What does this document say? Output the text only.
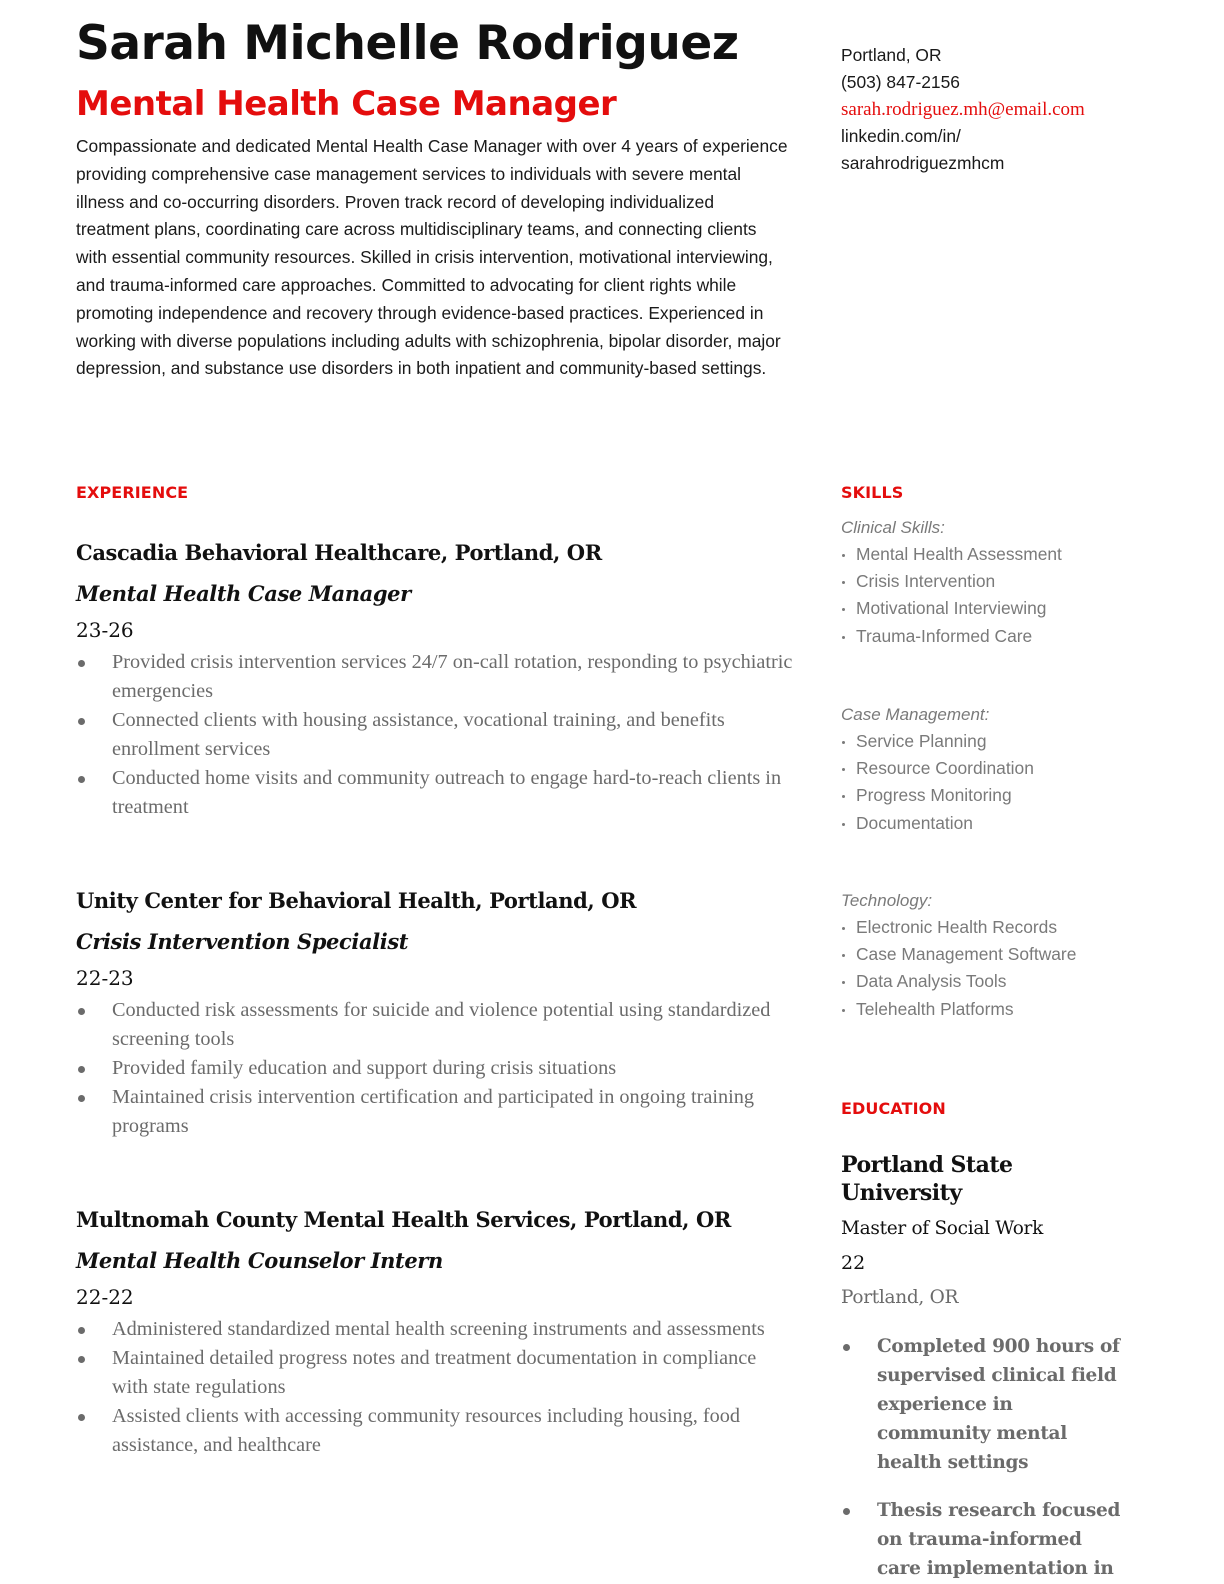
Sarah Michelle Rodriguez
Mental Health Case Manager

Compassionate and dedicated Mental Health Case Manager with over 4 years of experience providing comprehensive case management services to individuals with severe mental illness and co-occurring disorders. Proven track record of developing individualized treatment plans, coordinating care across multidisciplinary teams, and connecting clients with essential community resources. Skilled in crisis intervention, motivational interviewing, and trauma-informed care approaches. Committed to advocating for client rights while promoting independence and recovery through evidence-based practices. Experienced in working with diverse populations including adults with schizophrenia, bipolar disorder, major depression, and substance use disorders in both inpatient and community-based settings.

Portland, OR
(503) 847-2156
sarah.rodriguez.mh@email.com
linkedin.com/in/
sarahrodriguezmhcm
EXPERIENCE
Cascadia Behavioral Healthcare, Portland, OR
Mental Health Case Manager
23-26
Provided crisis intervention services 24/7 on-call rotation, responding to psychiatric emergencies
Connected clients with housing assistance, vocational training, and benefits enrollment services
Conducted home visits and community outreach to engage hard-to-reach clients in treatment
Unity Center for Behavioral Health, Portland, OR
Crisis Intervention Specialist
22-23
Conducted risk assessments for suicide and violence potential using standardized screening tools
Provided family education and support during crisis situations
Maintained crisis intervention certification and participated in ongoing training programs
Multnomah County Mental Health Services, Portland, OR
Mental Health Counselor Intern
22-22
Administered standardized mental health screening instruments and assessments
Maintained detailed progress notes and treatment documentation in compliance with state regulations
Assisted clients with accessing community resources including housing, food assistance, and healthcare
SKILLS
Clinical Skills:
Mental Health Assessment
Crisis Intervention
Motivational Interviewing
Trauma-Informed Care
Case Management:
Service Planning
Resource Coordination
Progress Monitoring
Documentation
Technology:
Electronic Health Records
Case Management Software
Data Analysis Tools
Telehealth Platforms
EDUCATION
Portland State University
Master of Social Work
22
Portland, OR
Completed 900 hours of supervised clinical field experience in community mental health settings
Thesis research focused on trauma-informed care implementation in
